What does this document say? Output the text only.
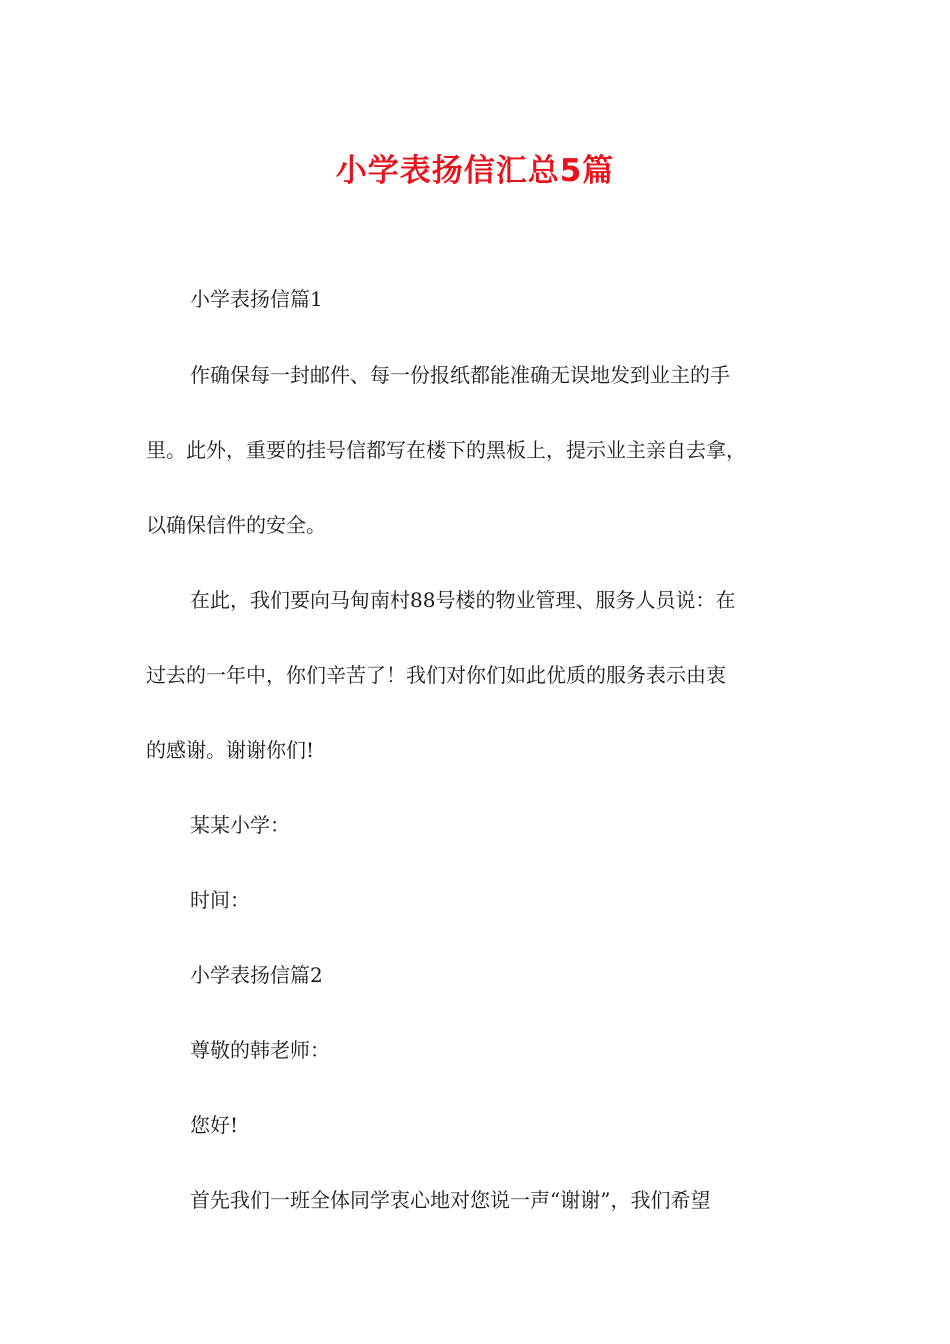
小学表扬信汇总5篇

小学表扬信篇1

作确保每一封邮件、每一份报纸都能准确无误地发到业主的手

里。此外，重要的挂号信都写在楼下的黑板上，提示业主亲自去拿，

以确保信件的安全。

在此，我们要向马甸南村88号楼的物业管理、服务人员说：在

过去的一年中，你们辛苦了！我们对你们如此优质的服务表示由衷

的感谢。谢谢你们!

某某小学：

时间：

小学表扬信篇2

尊敬的韩老师：

您好!

首先我们一班全体同学衷心地对您说一声“谢谢”，我们希望
